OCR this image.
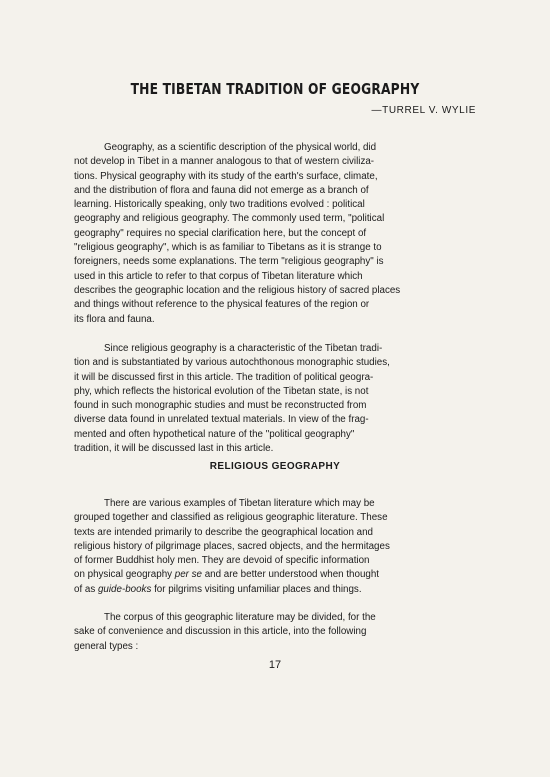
THE TIBETAN TRADITION OF GEOGRAPHY

—TURREL V. WYLIE

Geography, as a scientific description of the physical world, did
not develop in Tibet in a manner analogous to that of western civiliza-
tions. Physical geography with its study of the earth's surface, climate,
and the distribution of flora and fauna did not emerge as a branch of
learning. Historically speaking, only two traditions evolved : political
geography and religious geography. The commonly used term, "political
geography" requires no special clarification here, but the concept of
"religious geography", which is as familiar to Tibetans as it is strange to
foreigners, needs some explanations. The term "religious geography" is
used in this article to refer to that corpus of Tibetan literature which
describes the geographic location and the religious history of sacred places
and things without reference to the physical features of the region or
its flora and fauna.

Since religious geography is a characteristic of the Tibetan tradi-
tion and is substantiated by various autochthonous monographic studies,
it will be discussed first in this article. The tradition of political geogra-
phy, which reflects the historical evolution of the Tibetan state, is not
found in such monographic studies and must be reconstructed from
diverse data found in unrelated textual materials. In view of the frag-
mented and often hypothetical nature of the "political geography"
tradition, it will be discussed last in this article.

RELIGIOUS GEOGRAPHY

There are various examples of Tibetan literature which may be
grouped together and classified as religious geographic literature. These
texts are intended primarily to describe the geographical location and
religious history of pilgrimage places, sacred objects, and the hermitages
of former Buddhist holy men. They are devoid of specific information
on physical geography per se and are better understood when thought
of as guide-books for pilgrims visiting unfamiliar places and things.

The corpus of this geographic literature may be divided, for the
sake of convenience and discussion in this article, into the following
general types :

17
